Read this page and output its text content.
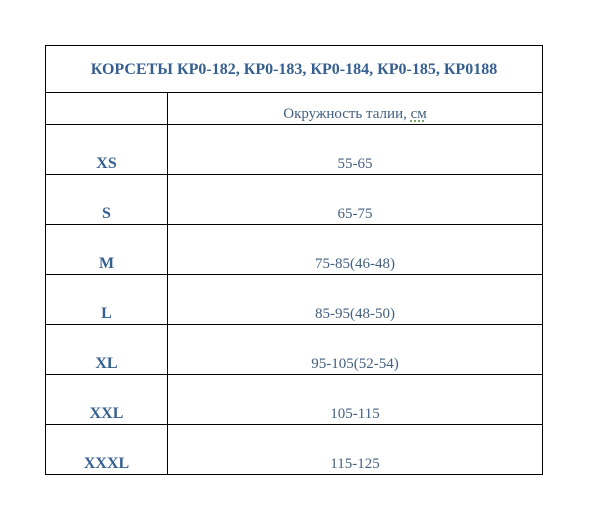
КОРСЕТЫ КР0-182, КР0-183, КР0-184, КР0-185, КР0188	
	Окружность талии, см
XS	55-65
S	65-75
M	75-85(46-48)
L	85-95(48-50)
XL	95-105(52-54)
XXL	105-115
XXXL	115-125
